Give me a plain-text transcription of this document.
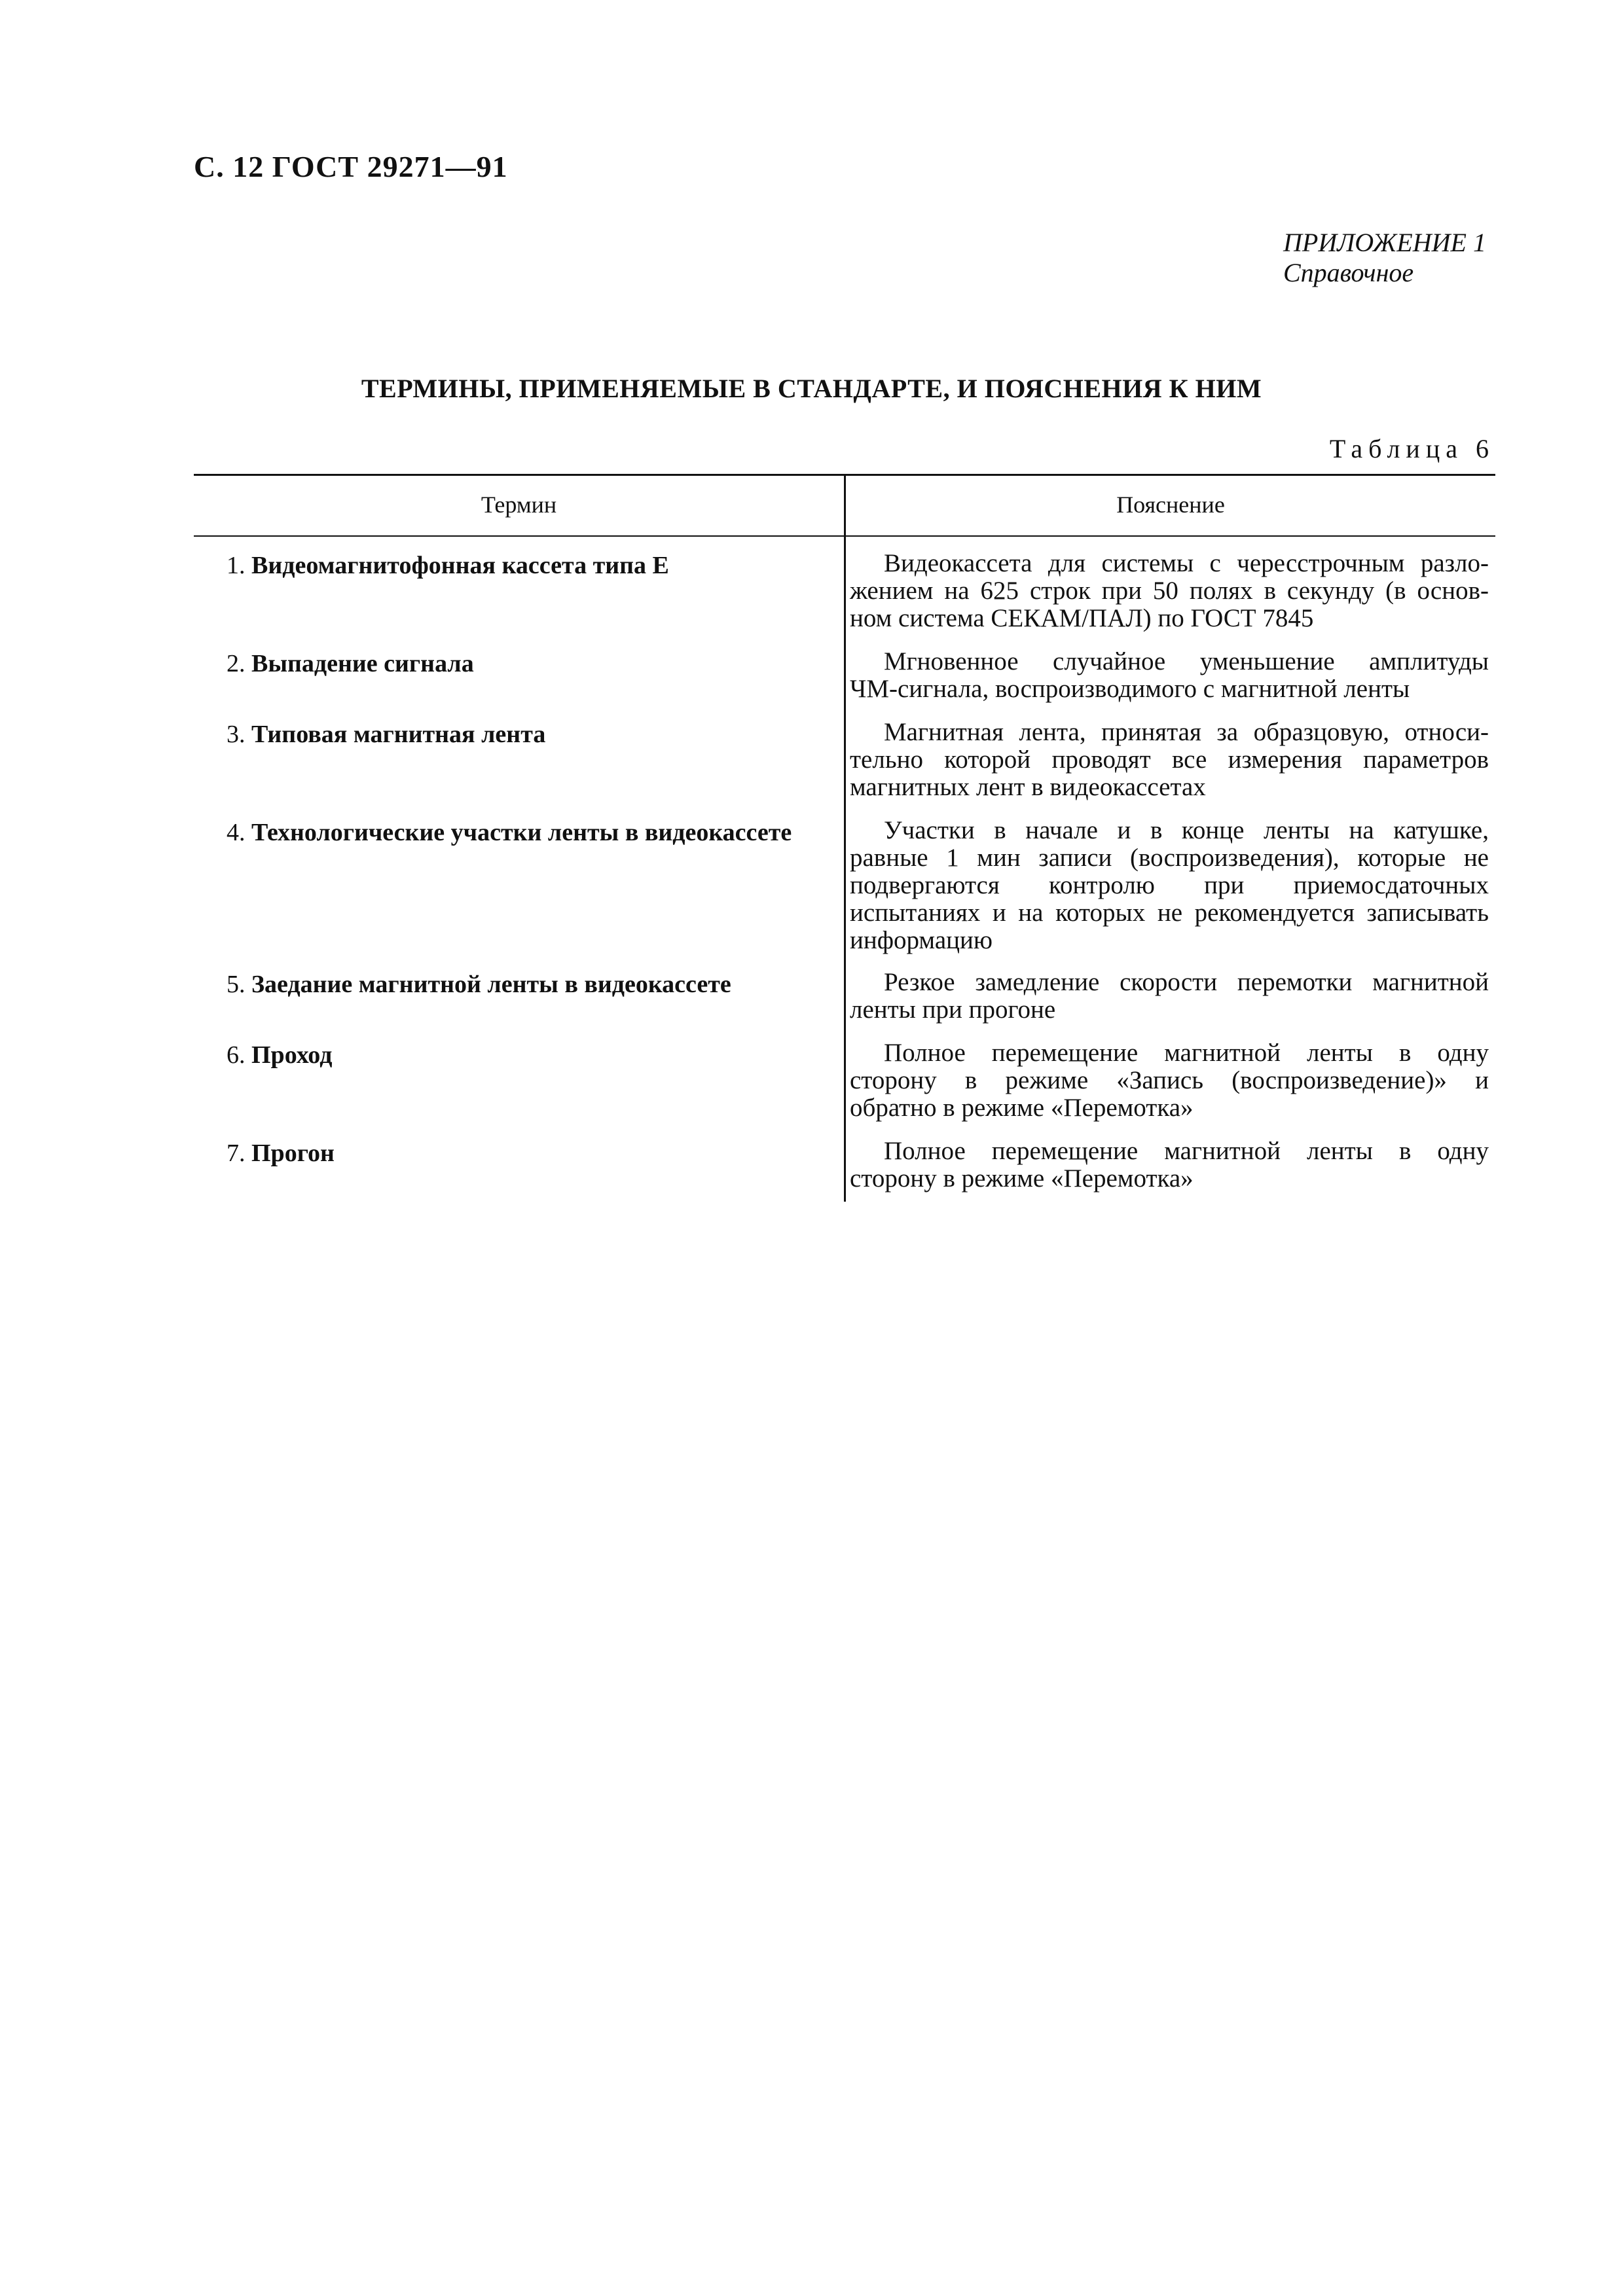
С. 12 ГОСТ 29271—91
ПРИЛОЖЕНИЕ 1
Справочное
ТЕРМИНЫ, ПРИМЕНЯЕМЫЕ В СТАНДАРТЕ, И ПОЯСНЕНИЯ К НИМ
Таблица 6
Термин	Пояснение
1. Видеомагнитофонная кассета типа Е	Видеокассета для системы с чересстрочным разло-
жением на 625 строк при 50 полях в секунду (в основ-
ном система СЕКАМ/ПАЛ) по ГОСТ 7845
2. Выпадение сигнала	Мгновенное случайное уменьшение амплитуды
ЧМ-сигнала, воспроизводимого с магнитной ленты
3. Типовая магнитная лента	Магнитная лента, принятая за образцовую, относи-
тельно которой проводят все измерения параметров
магнитных лент в видеокассетах
4. Технологические участки ленты в видеокассете	Участки в начале и в конце ленты на катушке,
равные 1 мин записи (воспроизведения), которые не
подвергаются контролю при приемосдаточных
испытаниях и на которых не рекомендуется записывать
информацию
5. Заедание магнитной ленты в видеокассете	Резкое замедление скорости перемотки магнитной
ленты при прогоне
6. Проход	Полное перемещение магнитной ленты в одну
сторону в режиме «Запись (воспроизведение)» и
обратно в режиме «Перемотка»
7. Прогон	Полное перемещение магнитной ленты в одну
сторону в режиме «Перемотка»
